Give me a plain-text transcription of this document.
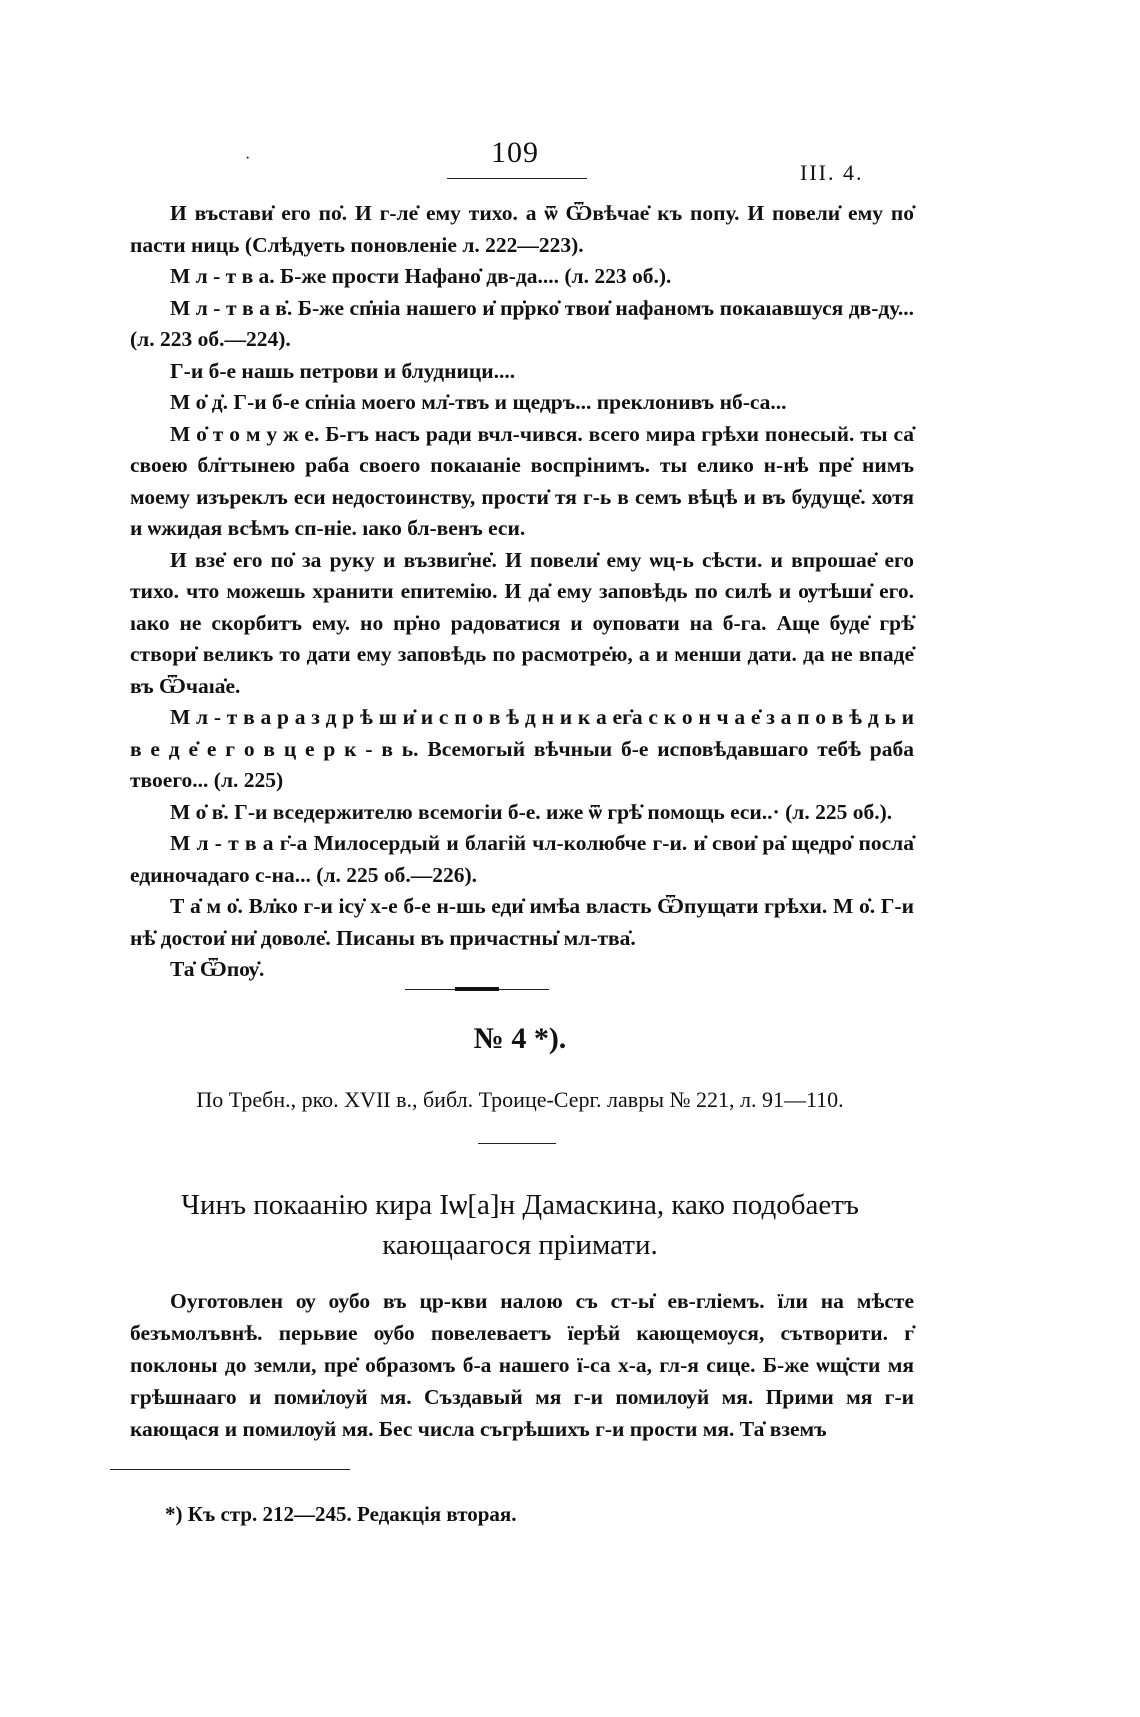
·	109
III. 4.

И въстави̇ его по̇. И г-ле̇ ему тихо. а ѿ Ѿвѣчае̇ къ попу. И повели̇ ему по̇ пасти ниць (Слѣдуеть поновленіе л. 222—223).

М л - т в а. Б-же прости Нафано̇ дв-да.... (л. 223 об.).

М л - т в а в̇. Б-же сп̇ніа нашего и̇ пр̇рко̇ твои̇ нафаномъ покаıавшуся дв-ду... (л. 223 об.—224).

Г-и б-е нашь петрови и блудници....

М о̇ д̇. Г-и б-е сп̇ніа моего мл̇-твъ и щедръ... преклонивъ нб-са...

М о̇ т о м у ж е. Б-гъ насъ ради вчл-чився. всего мира грѣхи понесый. ты са̇ своею бл̇гтынею раба своего покаıаніе воспрінимъ. ты елико н-нѣ пре̇ нимъ моему изъреклъ еси недостоинству, прости̇ тя г-ь в семъ вѣцѣ и въ будуще̇. хотя и ѡжидая всѣмъ сп-ніе. ıако бл-венъ еси.

И взе̇ его по̇ за руку и възвиг̇не̇. И повели̇ ему ѡц-ь сѣсти. и впрошае̇ его тихо. что можешь хранити епитемію. И да̇ ему заповѣдь по силѣ и ѹтѣши̇ его. ıако не скорбитъ ему. но пр̇но радоватися и ѹповати на б-га. Аще буде̇ грѣ̇ створи̇ великъ то дати ему заповѣдь по расмотре̇ю, а и менши дати. да не впаде̇ въ Ѿчаıа̇е.

М л - т в а р а з д р ѣ ш и̇ и с п о в ѣ д н и к а ег̇а с к о н ч а е̇ з а п о в ѣ д ь и в е д е̇ е г о в ц е р к - в ь. Всемогый вѣчныи б-е исповѣдавшаго тебѣ раба твоего... (л. 225)

М о̇ в̇. Г-и вседержителю всемогіи б-е. иже ѿ грѣ̇ помощь еси..· (л. 225 об.).

М л - т в а г̇-а Милосердый и благій чл-колюбче г-и. и̇ свои̇ ра̇ щедро̇ посла̇ единочадаго с-на... (л. 225 об.—226).

Т а̇ м о̇. Вл̇ко г-и ісу̇ х-е б-е н-шь еди̇ имѣа власть Ѿпущати грѣхи. М о̇. Г-и нѣ̇ достои̇ ни̇ доволе̇. Писаны въ причастны̇ мл-тва̇.

Та̇ Ѿпѹ̇.

№ 4 *).
По Требн., рко. XVII в., библ. Троице-Серг. лавры № 221, л. 91—110.
Чинъ покаанію кира Іѡ[а]н Дамаскина, како подобаетъ
кающаагося пріимати.

Оуготовлен ѹ оубо въ цр-кви налою съ ст-ы̇ ев-гліемъ. їли на мѣсте безъмолъвнѣ. перьвие ѹбо повелеваетъ їерѣй кающемѹся, сътворити. г̇ поклоны до земли, пре̇ образомъ б-а нашего ї-са х-а, гл-я сице. Б-же ѡщ̇сти мя грѣшнааго и поми̇лѹй мя. Създавый мя г-и помилѹй мя. Прими мя г-и кающася и помилѹй мя. Бес числа съгрѣшихъ г-и прости мя. Та̇ вземъ

*) Къ стр. 212—245. Редакція вторая.
